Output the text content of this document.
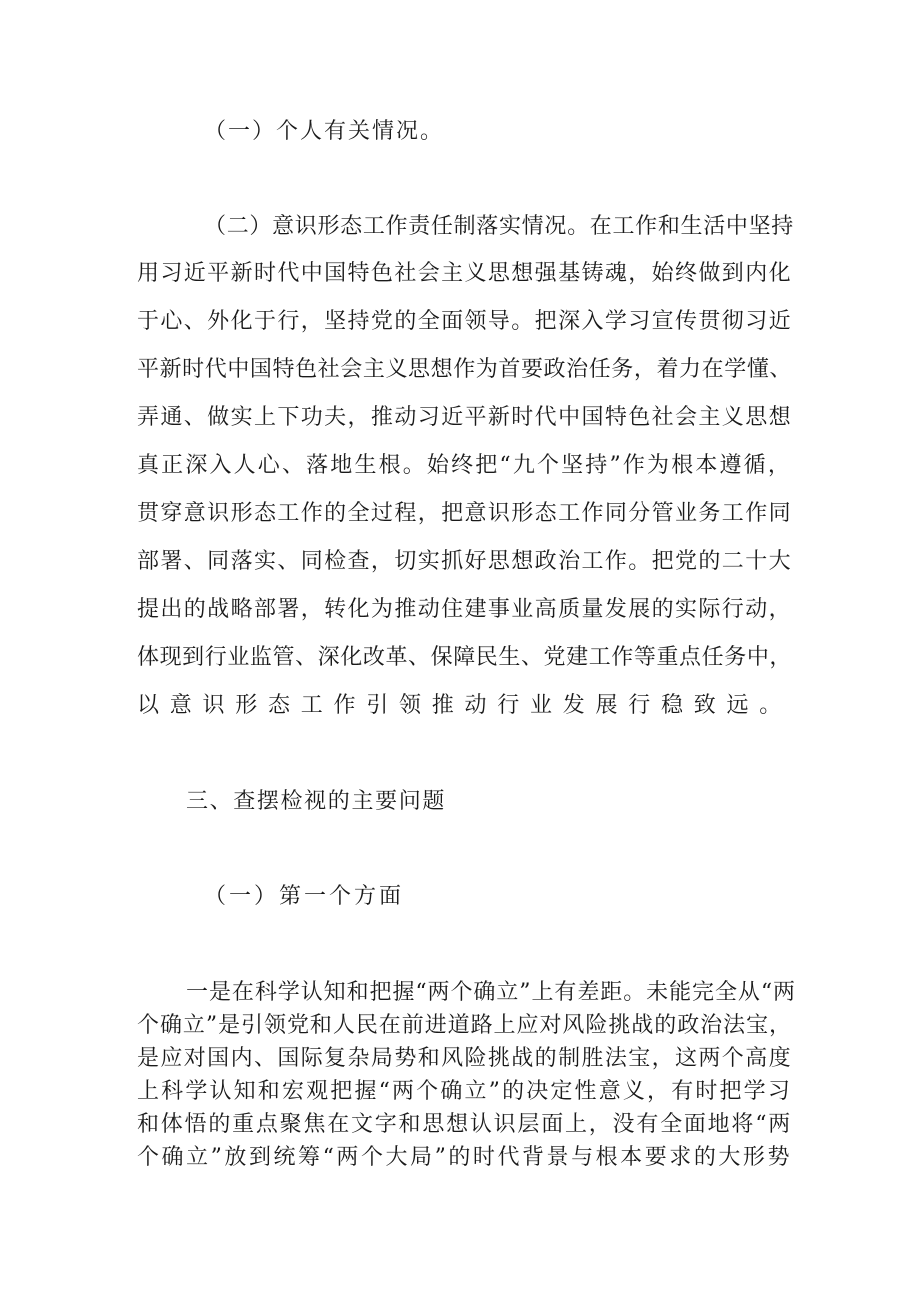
（一）个人有关情况。
（二）意识形态工作责任制落实情况。在工作和生活中坚持
用习近平新时代中国特色社会主义思想强基铸魂，始终做到内化
于心、外化于行，坚持党的全面领导。把深入学习宣传贯彻习近
平新时代中国特色社会主义思想作为首要政治任务，着力在学懂、
弄通、做实上下功夫，推动习近平新时代中国特色社会主义思想
真正深入人心、落地生根。始终把“九个坚持”作为根本遵循，
贯穿意识形态工作的全过程，把意识形态工作同分管业务工作同
部署、同落实、同检查，切实抓好思想政治工作。把党的二十大
提出的战略部署，转化为推动住建事业高质量发展的实际行动，
体现到行业监管、深化改革、保障民生、党建工作等重点任务中，
以意识形态工作引领推动行业发展行稳致远。
三、查摆检视的主要问题
（一）第一个方面
一是在科学认知和把握“两个确立”上有差距。未能完全从“两
个确立”是引领党和人民在前进道路上应对风险挑战的政治法宝，
是应对国内、国际复杂局势和风险挑战的制胜法宝，这两个高度
上科学认知和宏观把握“两个确立”的决定性意义，有时把学习
和体悟的重点聚焦在文字和思想认识层面上，没有全面地将“两
个确立”放到统筹“两个大局”的时代背景与根本要求的大形势
